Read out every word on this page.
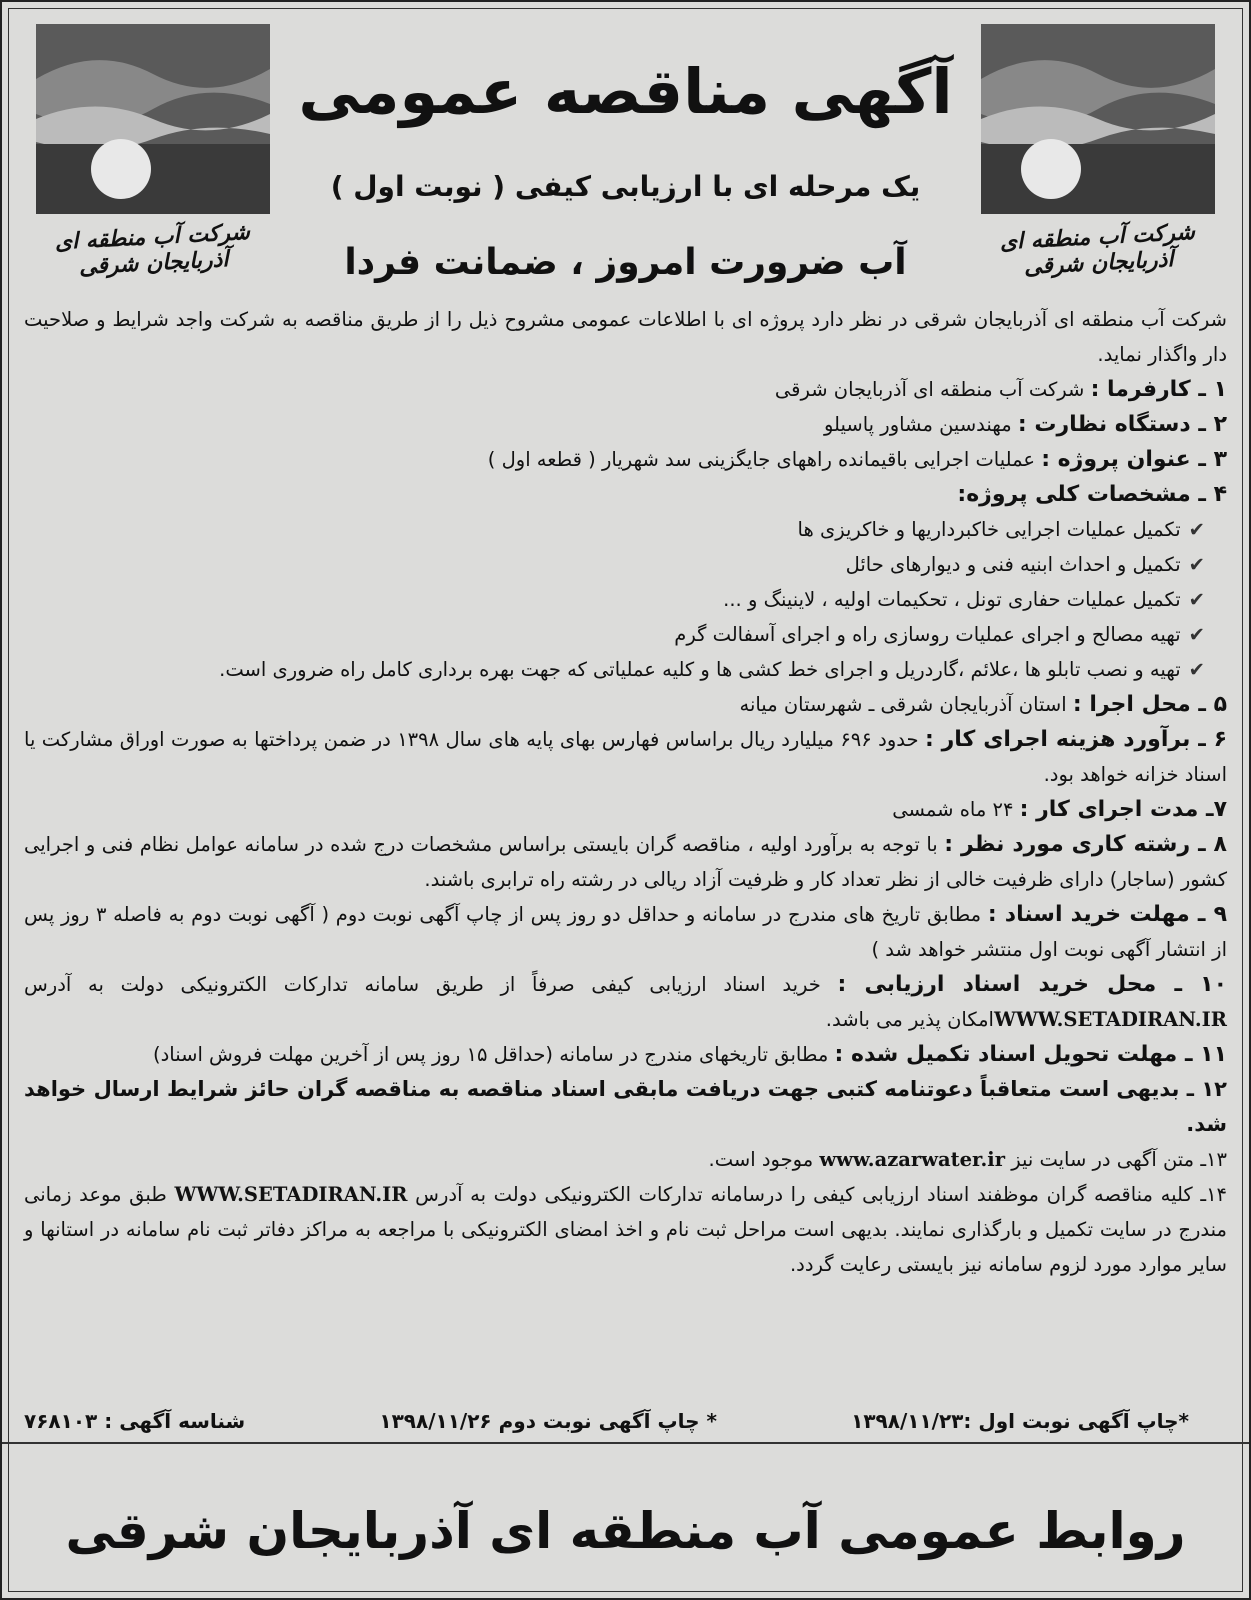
شرکت آب منطقه ای آذربایجان شرقی
شرکت آب منطقه ای آذربایجان شرقی
آگهی مناقصه عمومی
یک مرحله ای با ارزیابی کیفی ( نوبت اول )
آب ضرورت امروز ، ضمانت فردا

شرکت آب منطقه ای آذربایجان شرقی در نظر دارد پروژه ای با اطلاعات عمومی مشروح ذیل را از طریق مناقصه به شرکت واجد شرایط و صلاحیت دار واگذار نماید.

۱ ـ کارفرما : شرکت آب منطقه ای آذربایجان شرقی

۲ ـ دستگاه نظارت : مهندسین مشاور پاسیلو

۳ ـ عنوان پروژه : عملیات اجرایی باقیمانده راههای جایگزینی سد شهریار ( قطعه اول )

۴ ـ مشخصات کلی پروژه:

✔تکمیل عملیات اجرایی خاکبرداریها و خاکریزی ها

✔تکمیل و احداث ابنیه فنی و دیوارهای حائل

✔تکمیل عملیات حفاری تونل ، تحکیمات اولیه ، لاینینگ و ...

✔تهیه مصالح و اجرای عملیات روسازی راه و اجرای آسفالت گرم

✔تهیه و نصب تابلو ها ،علائم ،گاردریل و اجرای خط کشی ها و کلیه عملیاتی که جهت بهره برداری کامل راه ضروری است.

۵ ـ محل اجرا : استان آذربایجان شرقی ـ شهرستان میانه

۶ ـ برآورد هزینه اجرای کار : حدود ۶۹۶ میلیارد ریال براساس فهارس بهای پایه های سال ۱۳۹۸ در ضمن پرداختها به صورت اوراق مشارکت یا اسناد خزانه خواهد بود.

۷ـ مدت اجرای کار : ۲۴ ماه شمسی

۸ ـ رشته کاری مورد نظر : با توجه به برآورد اولیه ، مناقصه گران بایستی براساس مشخصات درج شده در سامانه عوامل نظام فنی و اجرایی کشور (ساجار) دارای ظرفیت خالی از نظر تعداد کار و ظرفیت آزاد ریالی در رشته راه ترابری باشند.

۹ ـ مهلت خرید اسناد : مطابق تاریخ های مندرج در سامانه و حداقل دو روز پس از چاپ آگهی نوبت دوم ( آگهی نوبت دوم به فاصله ۳ روز پس از انتشار آگهی نوبت اول منتشر خواهد شد )

۱۰ ـ محل خرید اسناد ارزیابی : خرید اسناد ارزیابی کیفی صرفاً از طریق سامانه تدارکات الکترونیکی دولت به آدرس WWW.SETADIRAN.IRامکان پذیر می باشد.

۱۱ ـ مهلت تحویل اسناد تکمیل شده : مطابق تاریخهای مندرج در سامانه (حداقل ۱۵ روز پس از آخرین مهلت فروش اسناد)

۱۲ ـ بدیهی است متعاقباً دعوتنامه کتبی جهت دریافت مابقی اسناد مناقصه به مناقصه گران حائز شرایط ارسال خواهد شد.

۱۳ـ متن آگهی در سایت نیز www.azarwater.ir موجود است.

۱۴ـ کلیه مناقصه گران موظفند اسناد ارزیابی کیفی را درسامانه تدارکات الکترونیکی دولت به آدرس WWW.SETADIRAN.IR طبق موعد زمانی مندرج در سایت تکمیل و بارگذاری نمایند. بدیهی است مراحل ثبت نام و اخذ امضای الکترونیکی با مراجعه به مراکز دفاتر ثبت نام سامانه در استانها و سایر موارد مورد لزوم سامانه نیز بایستی رعایت گردد.

*چاپ آگهی نوبت اول :۱۳۹۸/۱۱/۲۳
* چاپ آگهی نوبت دوم ۱۳۹۸/۱۱/۲۶
شناسه آگهی : ۷۶۸۱۰۳
روابط عمومی آب منطقه ای آذربایجان شرقی
